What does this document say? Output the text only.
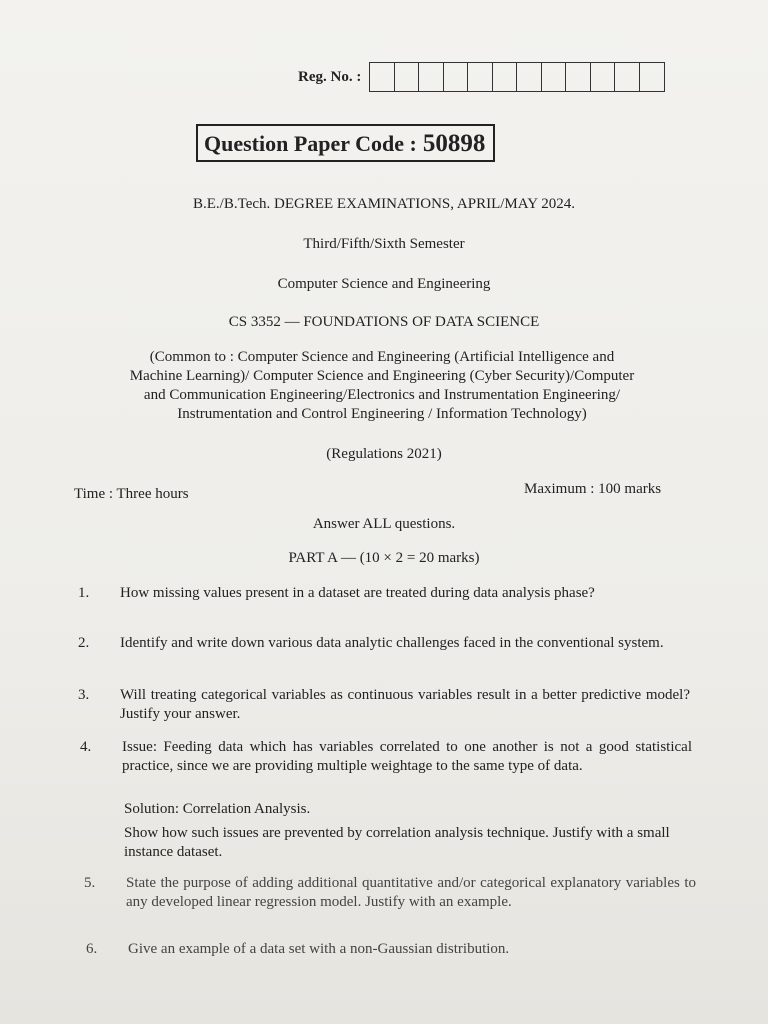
Reg. No. :
Question Paper Code : 50898
B.E./B.Tech. DEGREE EXAMINATIONS, APRIL/MAY 2024.
Third/Fifth/Sixth Semester
Computer Science and Engineering
CS 3352 — FOUNDATIONS OF DATA SCIENCE
(Common to : Computer Science and Engineering (Artificial Intelligence and
Machine Learning)/ Computer Science and Engineering (Cyber Security)/Computer
and Communication Engineering/Electronics and Instrumentation Engineering/
Instrumentation and Control Engineering / Information Technology)
(Regulations 2021)
Time : Three hours	Maximum : 100 marks
Answer ALL questions.
PART A — (10 × 2 = 20 marks)
1.	How missing values present in a dataset are treated during data analysis phase?
2.	Identify and write down various data analytic challenges faced in the conventional system.
3.	Will treating categorical variables as continuous variables result in a better predictive model? Justify your answer.
4.	Issue: Feeding data which has variables correlated to one another is not a good statistical practice, since we are providing multiple weightage to the same type of data.
Solution: Correlation Analysis.
Show how such issues are prevented by correlation analysis technique. Justify with a small instance dataset.
5.	State the purpose of adding additional quantitative and/or categorical explanatory variables to any developed linear regression model. Justify with an example.
6.	Give an example of a data set with a non-Gaussian distribution.
